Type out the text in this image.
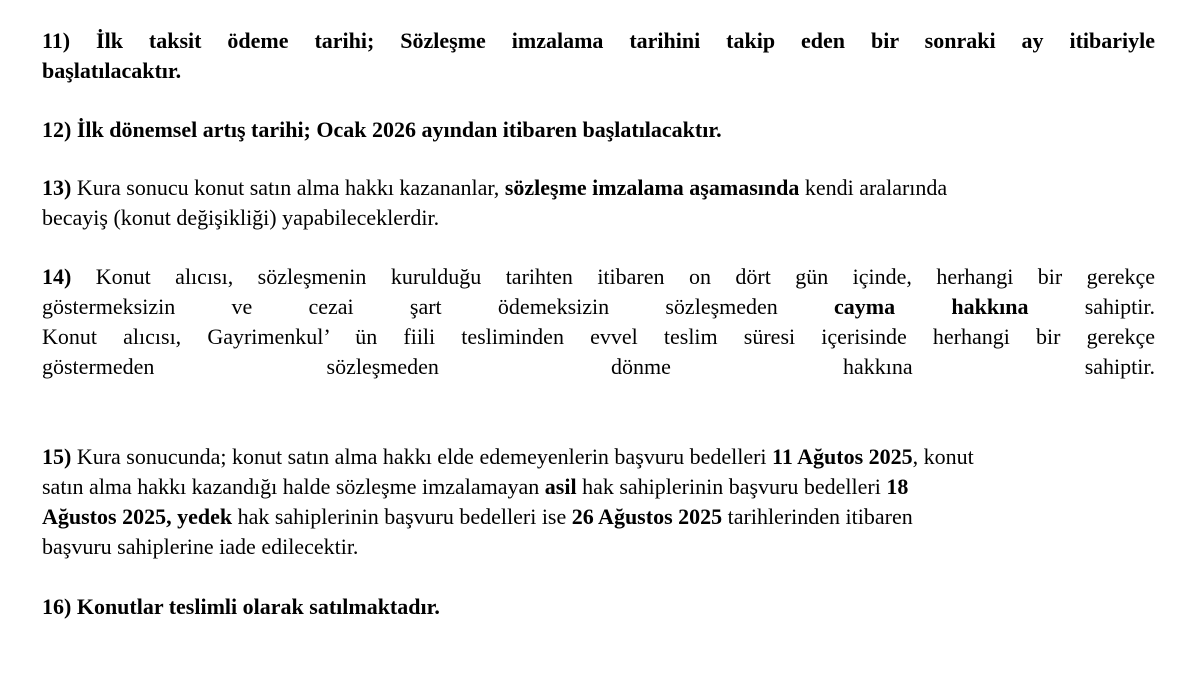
11) İlk taksit ödeme tarihi; Sözleşme imzalama tarihini takip eden bir sonraki ay itibariyle
başlatılacaktır.
12) İlk dönemsel artış tarihi; Ocak 2026 ayından itibaren başlatılacaktır.
13) Kura sonucu konut satın alma hakkı kazananlar, sözleşme imzalama aşamasında kendi aralarında
becayiş (konut değişikliği) yapabileceklerdir.
14) Konut alıcısı, sözleşmenin kurulduğu tarihten itibaren on dört gün içinde, herhangi bir gerekçe
göstermeksizin ve cezai şart ödemeksizin sözleşmeden cayma hakkına sahiptir.
Konut alıcısı, Gayrimenkul’ ün fiili tesliminden evvel teslim süresi içerisinde herhangi bir gerekçe
göstermeden sözleşmeden dönme hakkına sahiptir.
15) Kura sonucunda; konut satın alma hakkı elde edemeyenlerin başvuru bedelleri 11 Ağutos 2025, konut
satın alma hakkı kazandığı halde sözleşme imzalamayan asil hak sahiplerinin başvuru bedelleri 18
Ağustos 2025, yedek hak sahiplerinin başvuru bedelleri ise 26 Ağustos 2025 tarihlerinden itibaren
başvuru sahiplerine iade edilecektir.
16) Konutlar teslimli olarak satılmaktadır.
